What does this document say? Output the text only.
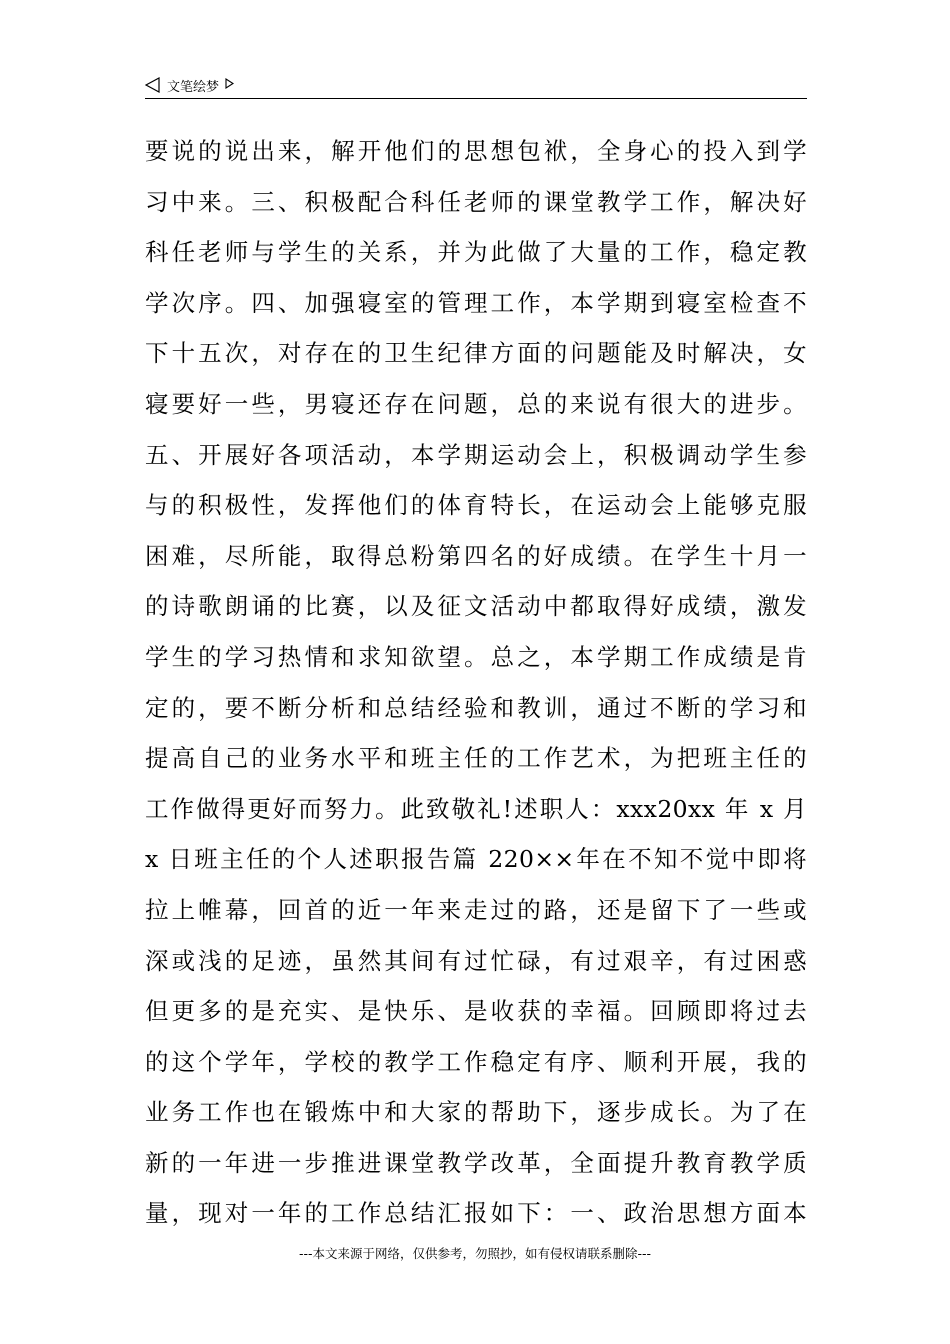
文笔绘梦
要说的说出来，解开他们的思想包袱，全身心的投入到学
习中来。三、积极配合科任老师的课堂教学工作，解决好
科任老师与学生的关系，并为此做了大量的工作，稳定教
学次序。四、加强寝室的管理工作，本学期到寝室检查不
下十五次，对存在的卫生纪律方面的问题能及时解决，女
寝要好一些，男寝还存在问题，总的来说有很大的进步。
五、开展好各项活动，本学期运动会上，积极调动学生参
与的积极性，发挥他们的体育特长，在运动会上能够克服
困难，尽所能，取得总粉第四名的好成绩。在学生十月一
的诗歌朗诵的比赛，以及征文活动中都取得好成绩，激发
学生的学习热情和求知欲望。总之，本学期工作成绩是肯
定的，要不断分析和总结经验和教训，通过不断的学习和
提高自己的业务水平和班主任的工作艺术，为把班主任的
工作做得更好而努力。此致敬礼!述职人：xxx20xx 年 x 月
x 日班主任的个人述职报告篇 220××年在不知不觉中即将
拉上帷幕，回首的近一年来走过的路，还是留下了一些或
深或浅的足迹，虽然其间有过忙碌，有过艰辛，有过困惑
但更多的是充实、是快乐、是收获的幸福。回顾即将过去
的这个学年，学校的教学工作稳定有序、顺利开展，我的
业务工作也在锻炼中和大家的帮助下，逐步成长。为了在
新的一年进一步推进课堂教学改革，全面提升教育教学质
量，现对一年的工作总结汇报如下：一、政治思想方面本
---本文来源于网络，仅供参考，勿照抄，如有侵权请联系删除---
